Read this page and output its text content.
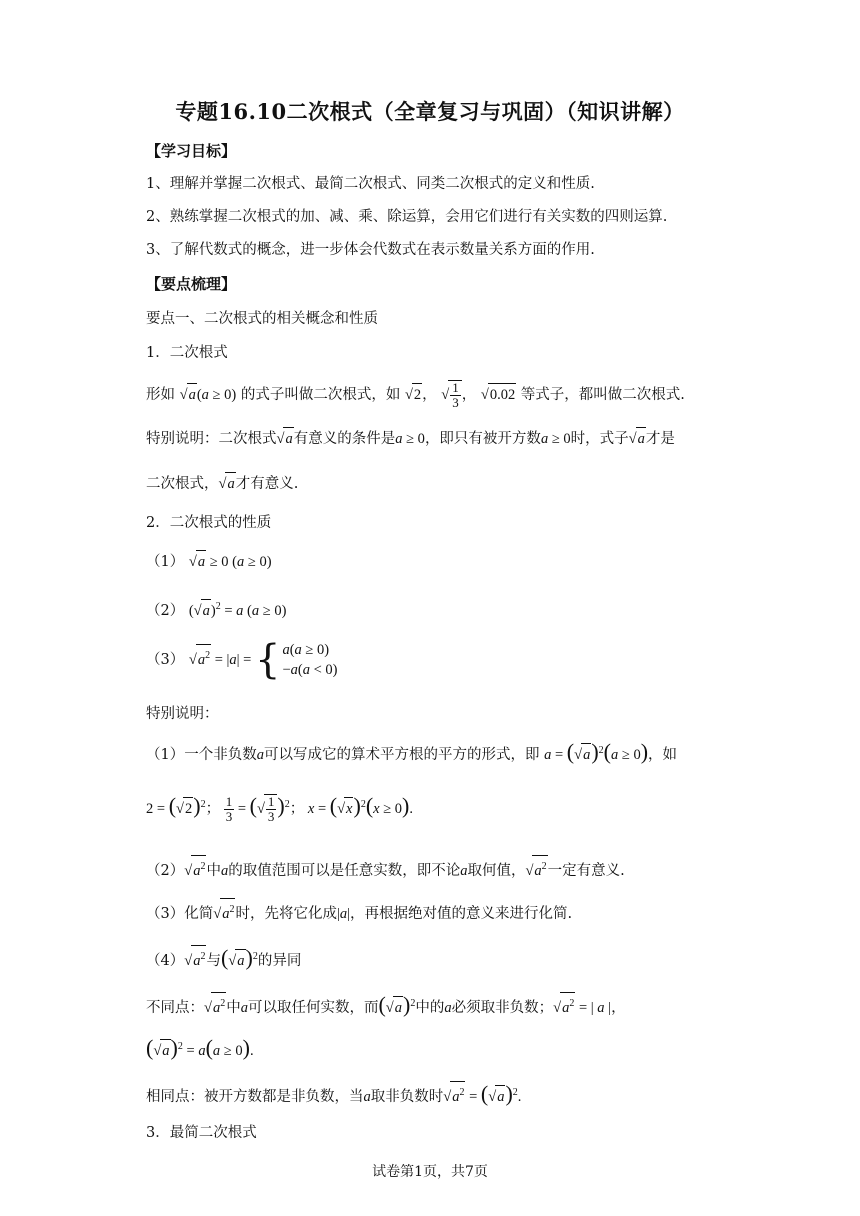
专题16.10二次根式（全章复习与巩固）（知识讲解）
【学习目标】
1、理解并掌握二次根式、最简二次根式、同类二次根式的定义和性质.
2、熟练掌握二次根式的加、减、乘、除运算，会用它们进行有关实数的四则运算.
3、了解代数式的概念，进一步体会代数式在表示数量关系方面的作用.
【要点梳理】
要点一、二次根式的相关概念和性质
1．二次根式
形如 √a(a ≥ 0) 的式子叫做二次根式，如 √2， √ $\frac{1}{3}$ ， √0.02 等式子，都叫做二次根式.
特别说明：二次根式√a有意义的条件是a ≥ 0，即只有被开方数a ≥ 0时，式子√a才是
二次根式，√a才有意义.
2．二次根式的性质
（1） √a ≥ 0 (a ≥ 0)
（2） $(√a)^2 = a$ (a ≥ 0)
（3） $√a^2 = |a|$ = { a(a ≥ 0)
−a(a < 0)
特别说明：
（1）一个非负数a可以写成它的算术平方根的平方的形式，即 $a = (√a)^2(a \ge 0)$，如
$2 = (√2)^2$； $\frac{1}{3}$ = (√ $\frac{1}{3} )^2$； $x = (√x)^2(x \ge 0)$.
$(2)√a^2$中a的取值范围可以是任意实数，即不论a取何值，$√a^2$一定有意义.
（3）化简$√a^2$时，先将它化成|a|，再根据绝对值的意义来进行化简.
$(4)√a^2$与$(√a)^2$的异同
不同点：$√a^2$中a可以取任何实数，而$(√a)^2$中的a必须取非负数；$√a^2$ = | a |，
$(√a)^2 = a(a \ge 0)$.
相同点：被开方数都是非负数，当a取非负数时$√a^2 = (√a)^2$.
3．最简二次根式
试卷第1页，共7页
